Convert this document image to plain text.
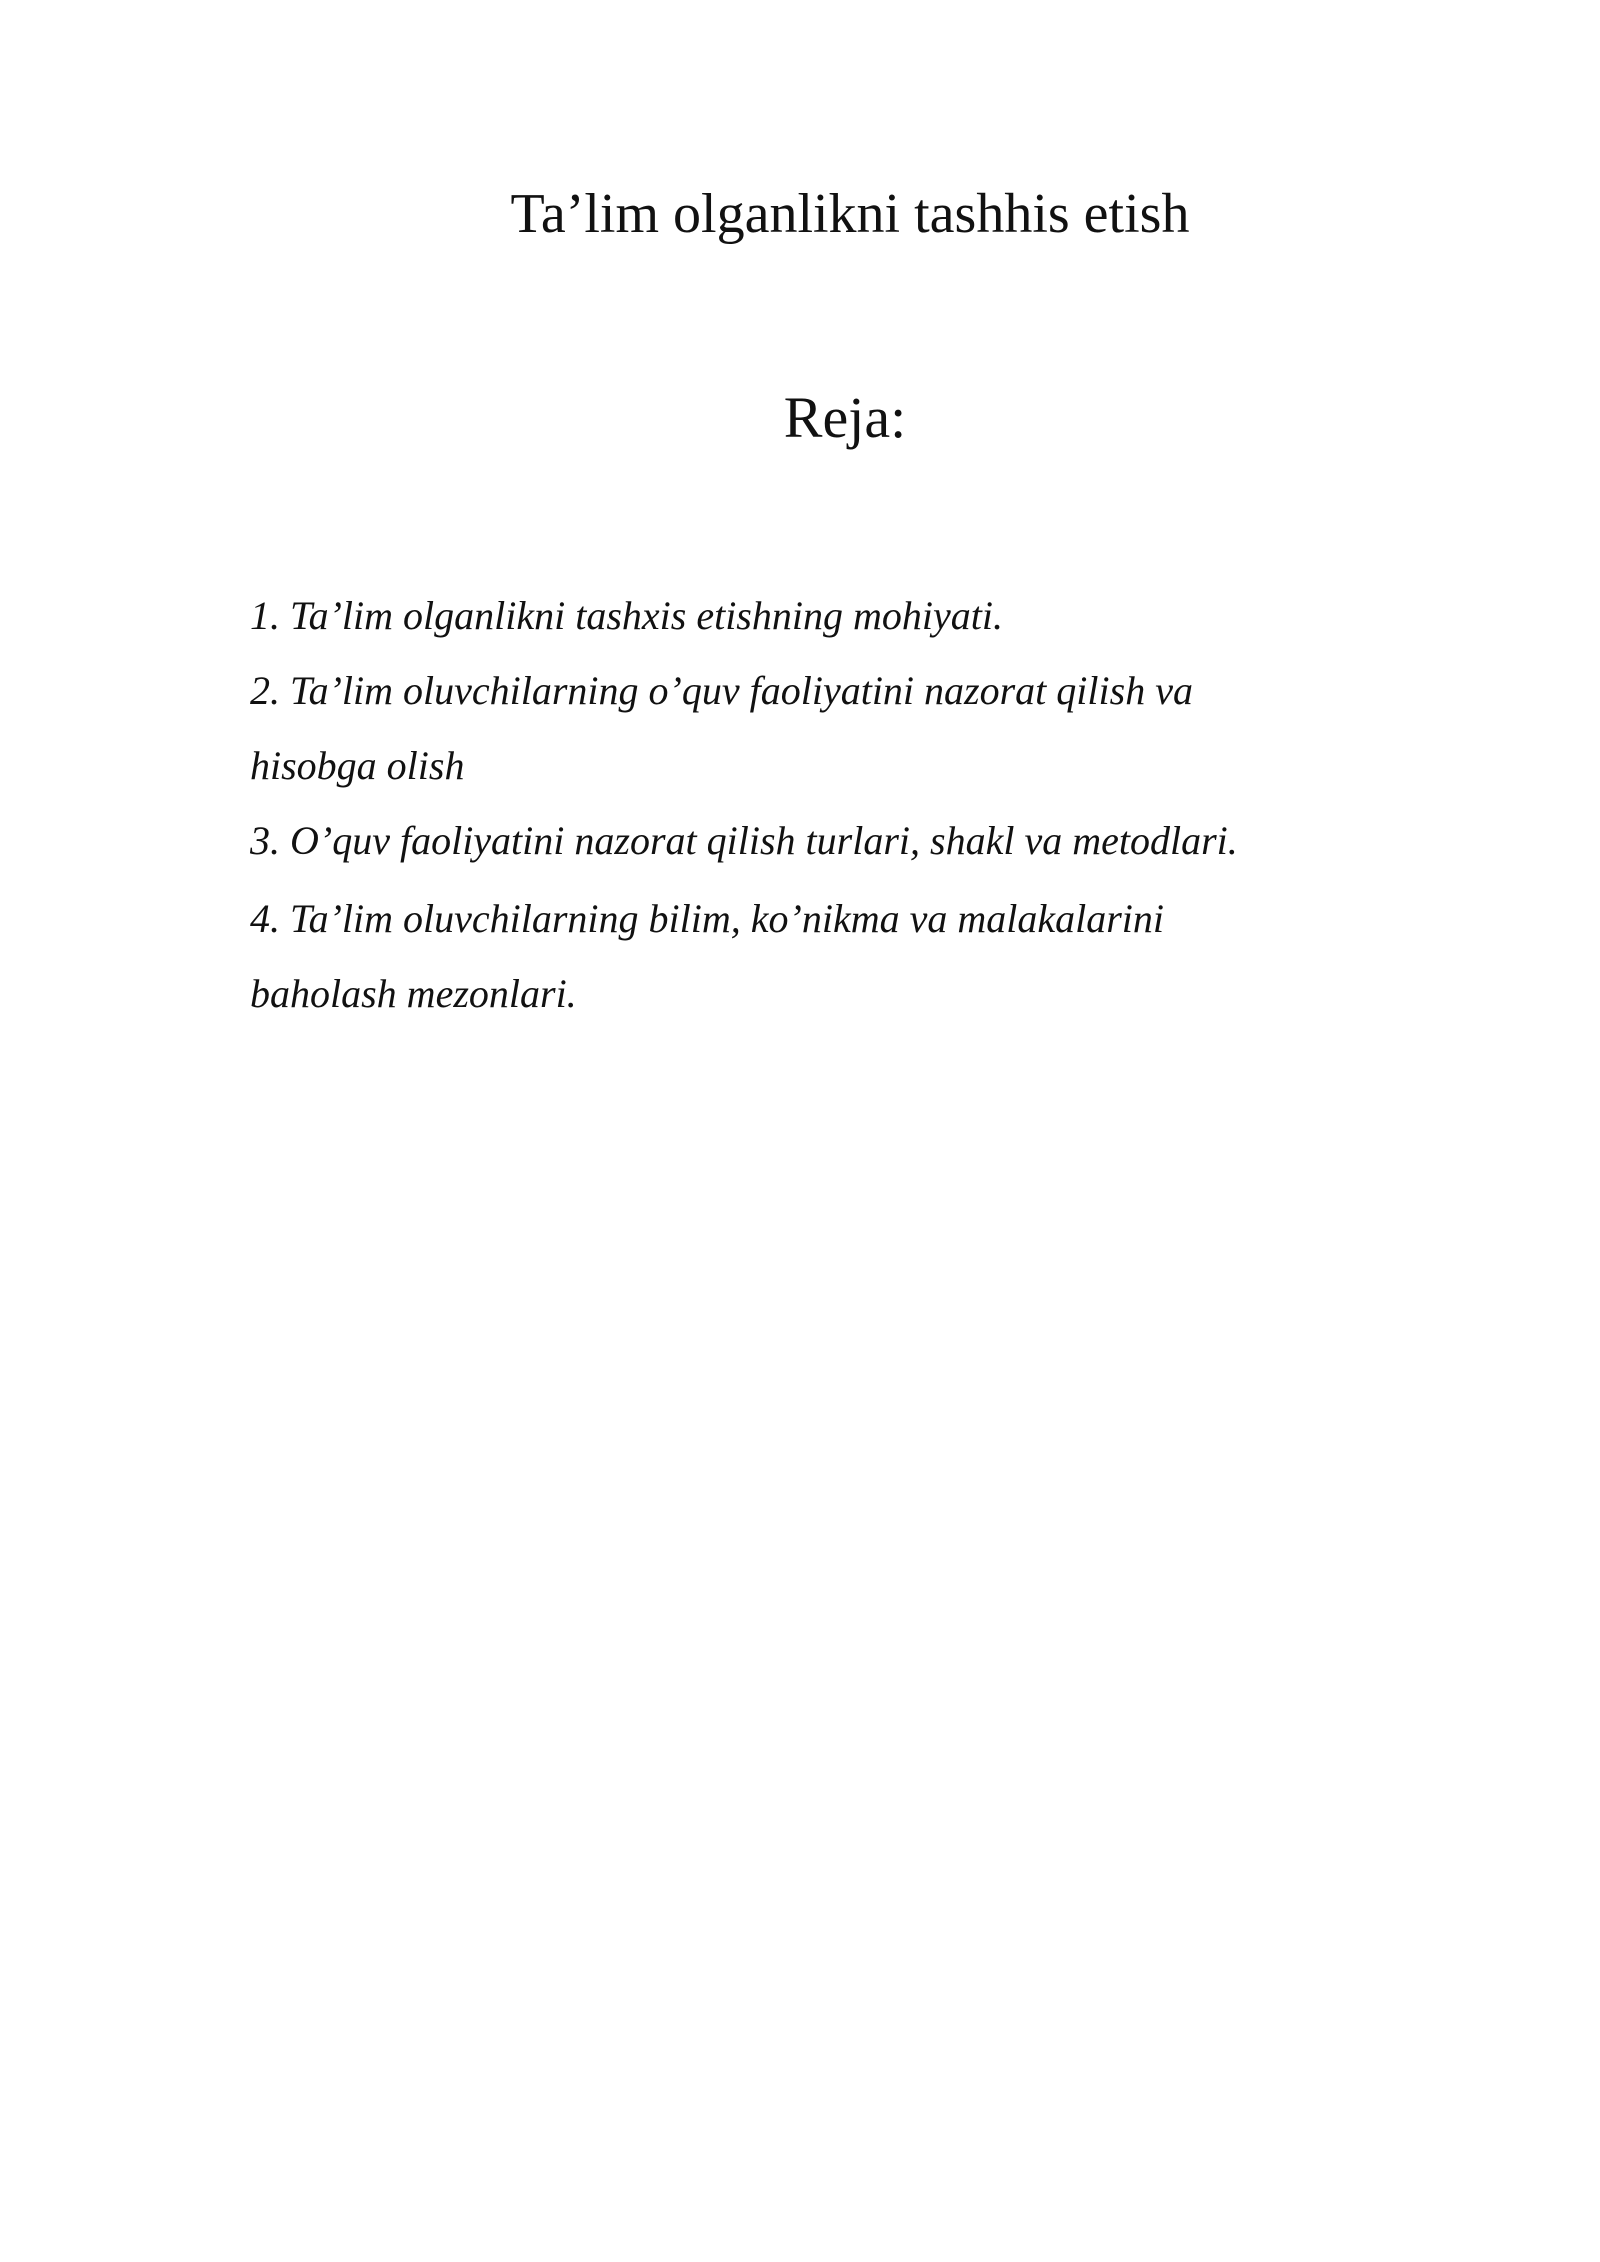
Ta’lim olganlikni tashhis etish
Reja:
1. Ta’lim olganlikni tashxis etishning mohiyati.
2. Ta’lim oluvchilarning o’quv faoliyatini nazorat qilish va
hisobga olish
3. O’quv faoliyatini nazorat qilish turlari, shakl va metodlari.
4. Ta’lim oluvchilarning bilim, ko’nikma va malakalarini
baholash mezonlari.
